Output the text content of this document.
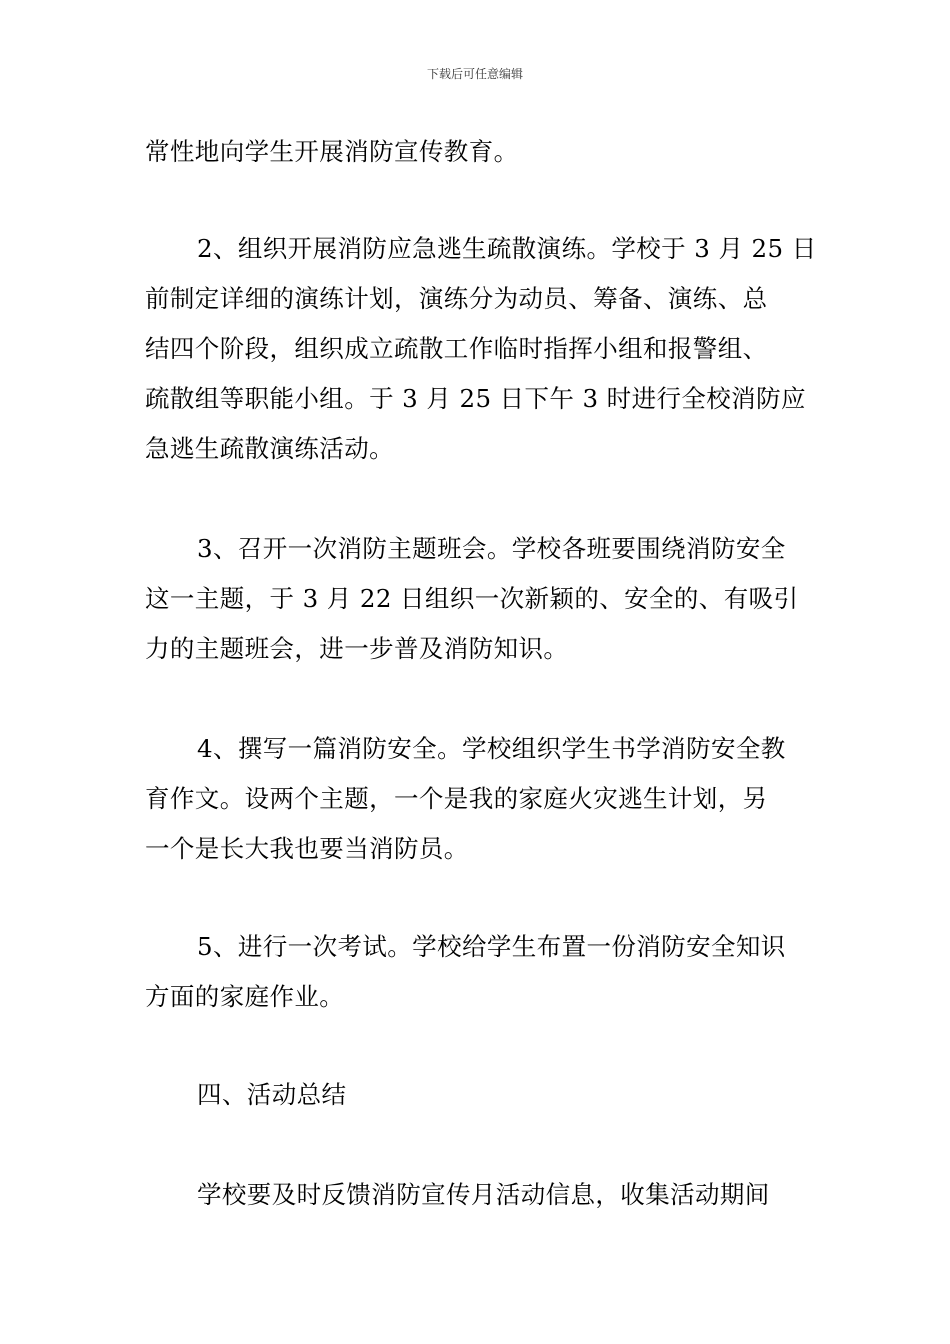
下载后可任意编辑
常性地向学生开展消防宣传教育。
2、组织开展消防应急逃生疏散演练。学校于 3 月 25 日
前制定详细的演练计划，演练分为动员、筹备、演练、总
结四个阶段，组织成立疏散工作临时指挥小组和报警组、
疏散组等职能小组。于 3 月 25 日下午 3 时进行全校消防应
急逃生疏散演练活动。
3、召开一次消防主题班会。学校各班要围绕消防安全
这一主题，于 3 月 22 日组织一次新颖的、安全的、有吸引
力的主题班会，进一步普及消防知识。
4、撰写一篇消防安全。学校组织学生书学消防安全教
育作文。设两个主题，一个是我的家庭火灾逃生计划，另
一个是长大我也要当消防员。
5、进行一次考试。学校给学生布置一份消防安全知识
方面的家庭作业。
四、活动总结
学校要及时反馈消防宣传月活动信息，收集活动期间
